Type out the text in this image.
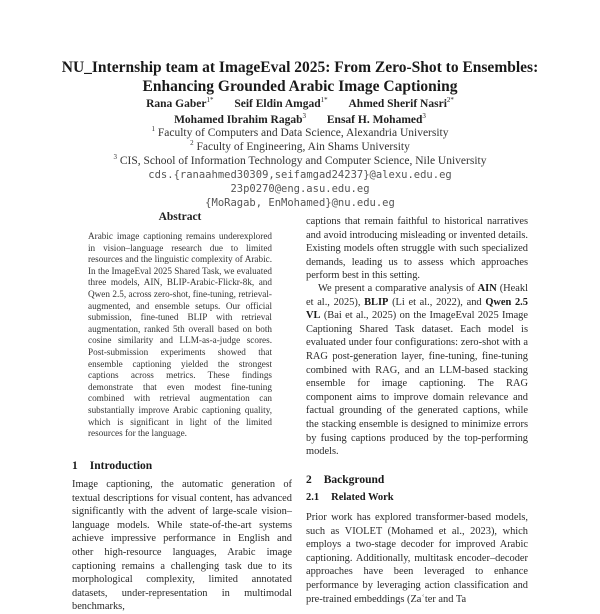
NU_Internship team at ImageEval 2025: From Zero-Shot to Ensembles:
Enhancing Grounded Arabic Image Captioning
Rana Gaber$^{1*}$ Seif Eldin Amgad$^{1*}$ Ahmed Sherif Nasri$^{2*}$
Mohamed Ibrahim Ragab$^3$ Ensaf H. Mohamed$^3$
$^1$ Faculty of Computers and Data Science, Alexandria University
$^2$ Faculty of Engineering, Ain Shams University
$^3$ CIS, School of Information Technology and Computer Science, Nile University
cds.{ranaahmed30309,seifamgad24237}@alexu.edu.eg
23p0270@eng.asu.edu.eg
{MoRagab, EnMohamed}@nu.edu.eg
Abstract
Arabic image captioning remains underexplored in vision–language research due to limited resources and the linguistic complexity of Arabic. In the ImageEval 2025 Shared Task, we evaluated three models, AIN, BLIP-Arabic-Flickr-8k, and Qwen 2.5, across zero-shot, fine-tuning, retrieval-augmented, and ensemble setups. Our official submission, fine-tuned BLIP with retrieval augmentation, ranked 5th overall based on both cosine similarity and LLM-as-a-judge scores. Post-submission experiments showed that ensemble captioning yielded the strongest captions across metrics. These findings demonstrate that even modest fine-tuning combined with retrieval augmentation can substantially improve Arabic captioning quality, which is significant in light of the limited resources for the language.
1 Introduction
Image captioning, the automatic generation of textual descriptions for visual content, has advanced significantly with the advent of large-scale vision–language models. While state-of-the-art systems achieve impressive performance in English and other high-resource languages, Arabic image captioning remains a challenging task due to its morphological complexity, limited annotated datasets, under-representation in multimodal benchmarks,
captions that remain faithful to historical narratives and avoid introducing misleading or invented details. Existing models often struggle with such specialized demands, leading us to assess which approaches perform best in this setting.
We present a comparative analysis of AIN (Heakl et al., 2025), BLIP (Li et al., 2022), and Qwen 2.5 VL (Bai et al., 2025) on the ImageEval 2025 Image Captioning Shared Task dataset. Each model is evaluated under four configurations: zero-shot with a RAG post-generation layer, fine-tuning, fine-tuning combined with RAG, and an LLM-based stacking ensemble for image captioning. The RAG component aims to improve domain relevance and factual grounding of the generated captions, while the stacking ensemble is designed to minimize errors by fusing captions produced by the top-performing models.
2 Background
2.1 Related Work
Prior work has explored transformer-based models, such as VIOLET (Mohamed et al., 2023), which employs a two-stage decoder for improved Arabic captioning. Additionally, multitask encoder–decoder approaches have been leveraged to enhance performance by leveraging action classification and pre-trained embeddings (Zaʿter and Ta
